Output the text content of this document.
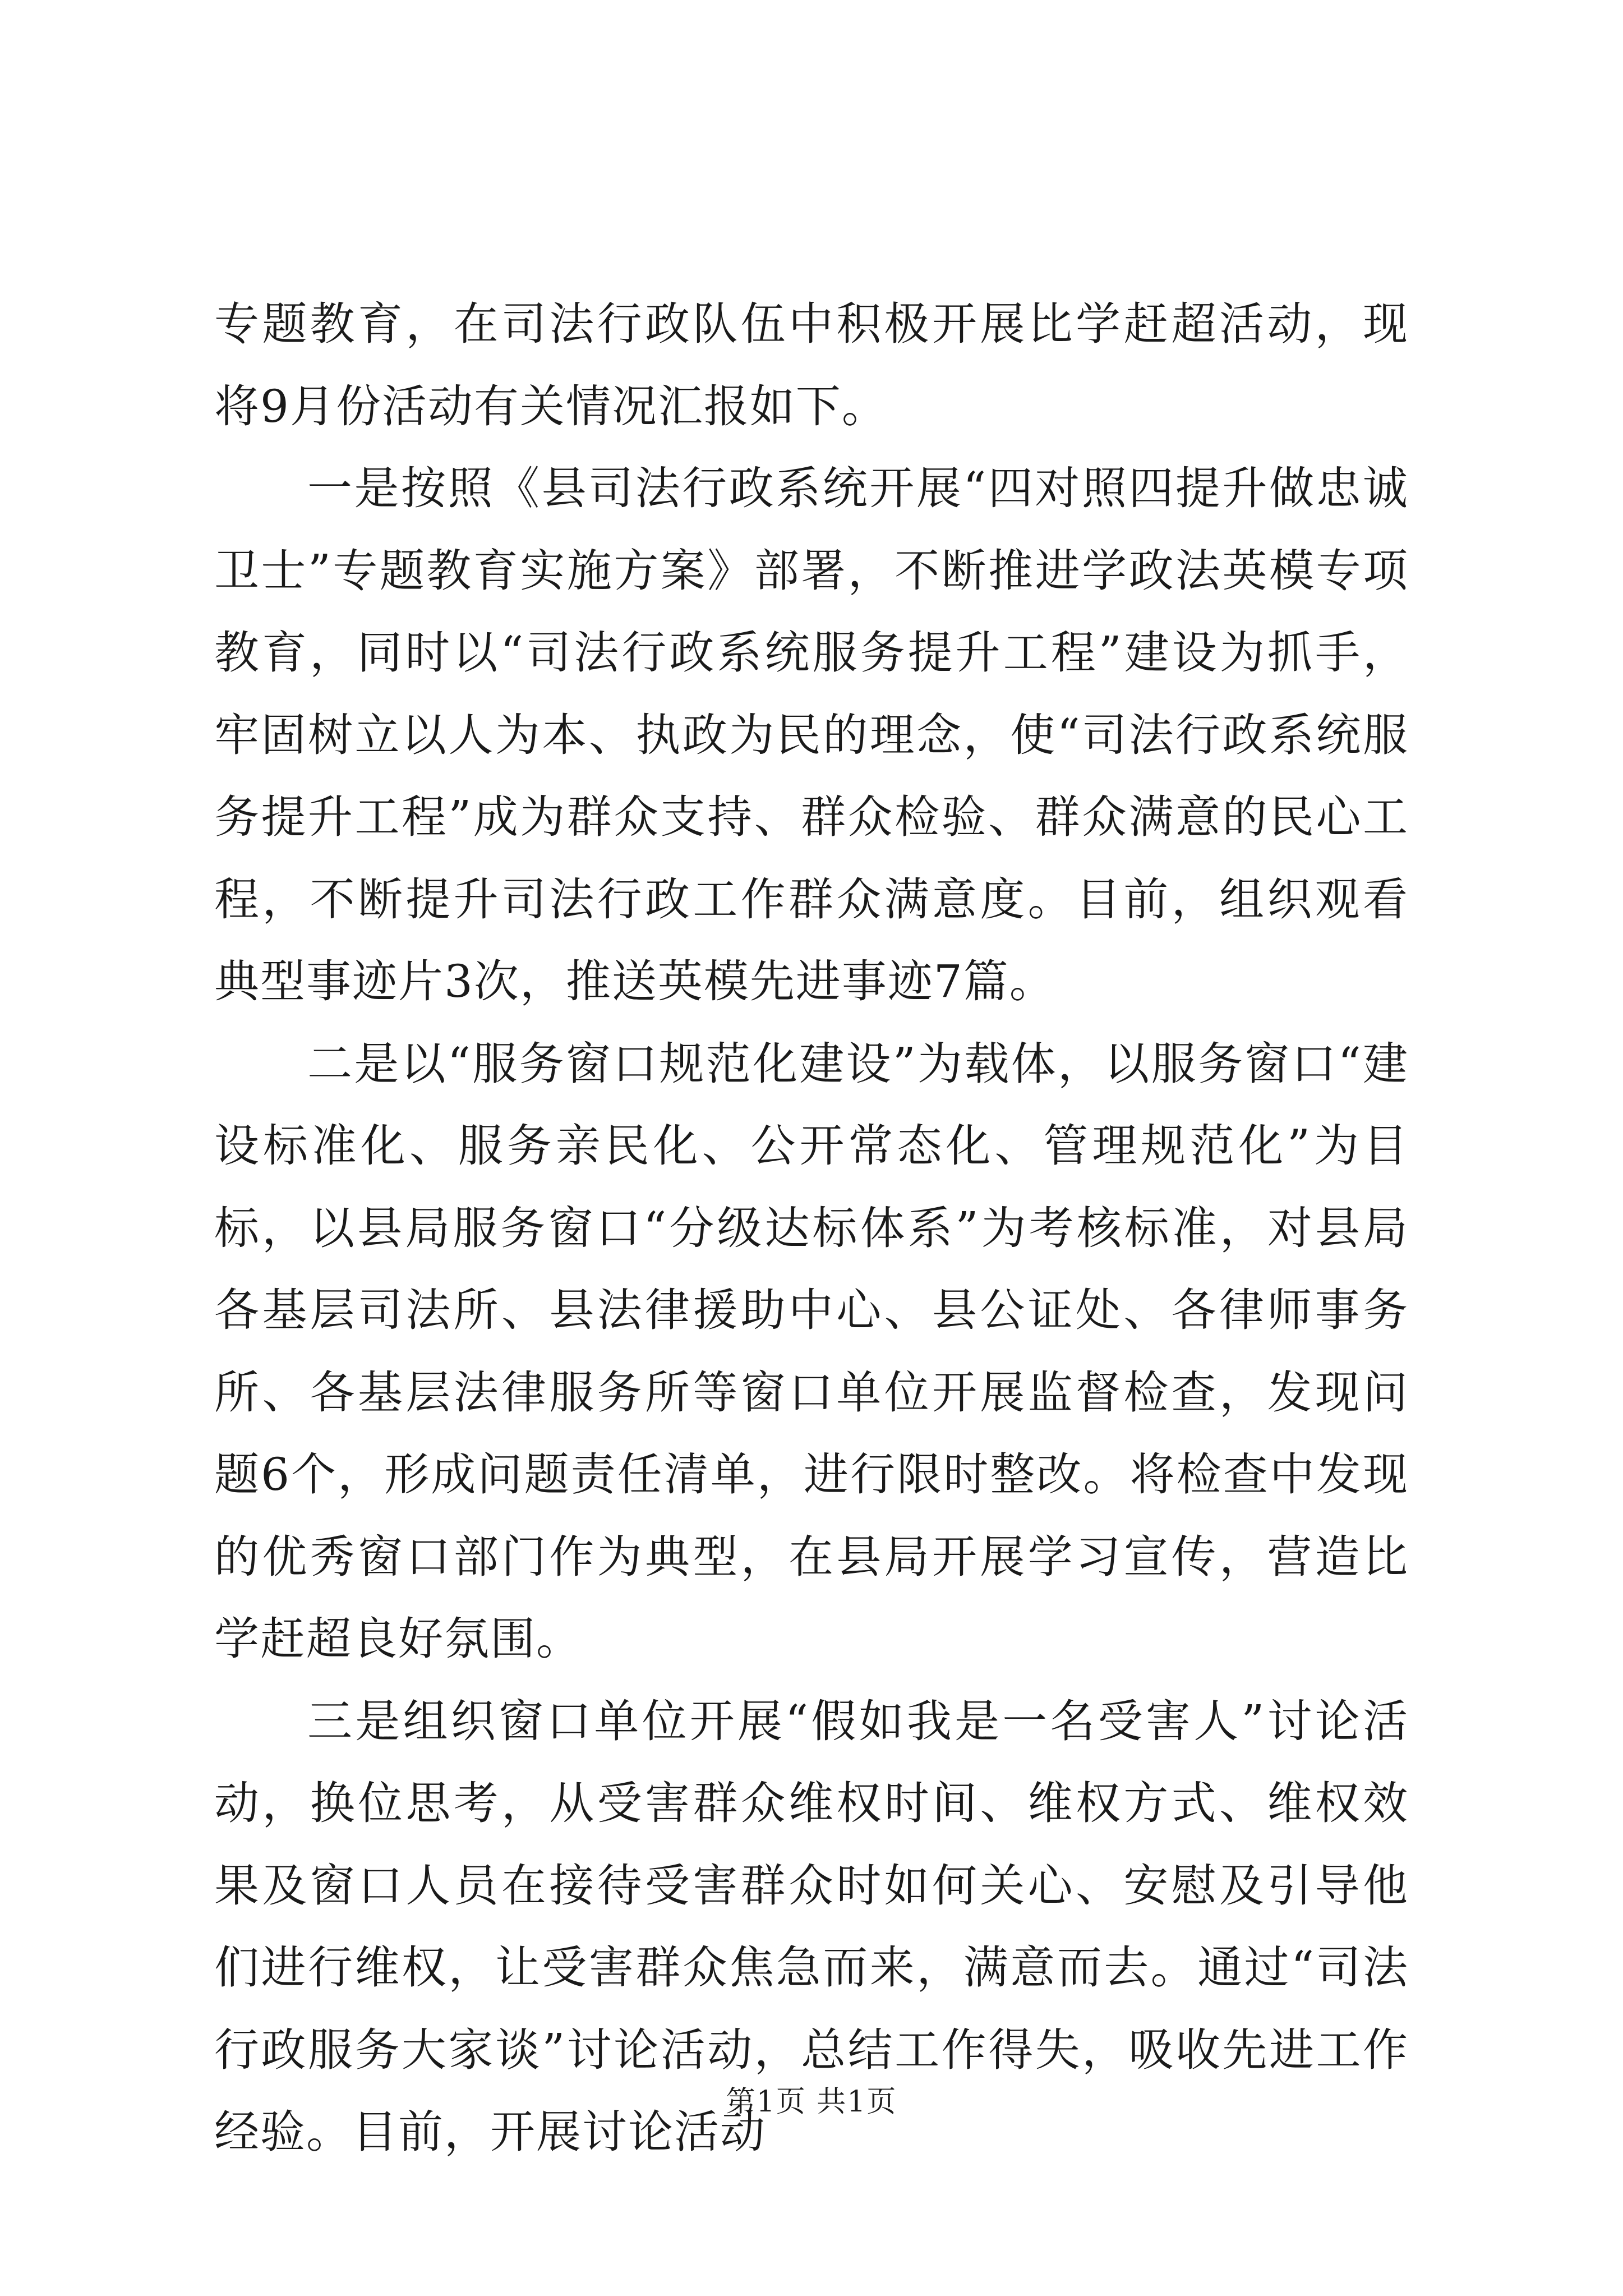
专题教育，在司法行政队伍中积极开展比学赶超活动，现将9月份活动有关情况汇报如下。

一是按照《县司法行政系统开展“四对照四提升做忠诚卫士”专题教育实施方案》部署，不断推进学政法英模专项教育，同时以“司法行政系统服务提升工程”建设为抓手，牢固树立以人为本、执政为民的理念，使“司法行政系统服务提升工程”成为群众支持、群众检验、群众满意的民心工程，不断提升司法行政工作群众满意度。目前，组织观看典型事迹片3次，推送英模先进事迹7篇。

二是以“服务窗口规范化建设”为载体，以服务窗口“建设标准化、服务亲民化、公开常态化、管理规范化”为目标，以县局服务窗口“分级达标体系”为考核标准，对县局各基层司法所、县法律援助中心、县公证处、各律师事务所、各基层法律服务所等窗口单位开展监督检查，发现问题6个，形成问题责任清单，进行限时整改。将检查中发现的优秀窗口部门作为典型，在县局开展学习宣传，营造比学赶超良好氛围。

三是组织窗口单位开展“假如我是一名受害人”讨论活动，换位思考，从受害群众维权时间、维权方式、维权效果及窗口人员在接待受害群众时如何关心、安慰及引导他们进行维权，让受害群众焦急而来，满意而去。通过“司法行政服务大家谈”讨论活动，总结工作得失，吸收先进工作经验。目前，开展讨论活动

第1页 共1页
